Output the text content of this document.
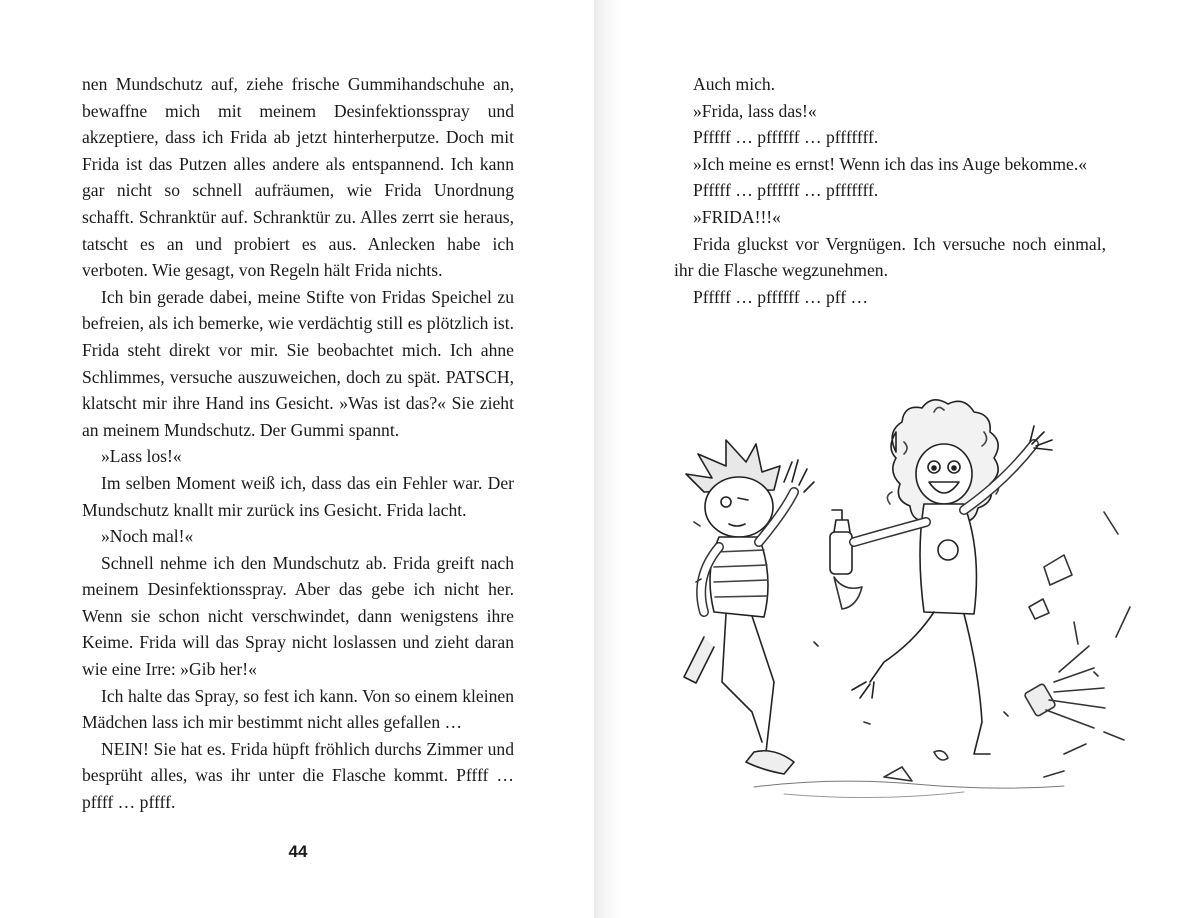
nen Mundschutz auf, ziehe frische Gummihandschuhe an, bewaffne mich mit meinem Desinfektionsspray und akzeptiere, dass ich Frida ab jetzt hinterherputze. Doch mit Frida ist das Putzen alles andere als entspannend. Ich kann gar nicht so schnell aufräumen, wie Frida Unordnung schafft. Schranktür auf. Schranktür zu. Alles zerrt sie heraus, tatscht es an und probiert es aus. Anlecken habe ich verboten. Wie gesagt, von Regeln hält Frida nichts.

Ich bin gerade dabei, meine Stifte von Fridas Speichel zu befreien, als ich bemerke, wie verdächtig still es plötzlich ist. Frida steht direkt vor mir. Sie beobachtet mich. Ich ahne Schlimmes, versuche auszuweichen, doch zu spät. PATSCH, klatscht mir ihre Hand ins Gesicht. »Was ist das?« Sie zieht an meinem Mundschutz. Der Gummi spannt.

»Lass los!«

Im selben Moment weiß ich, dass das ein Fehler war. Der Mundschutz knallt mir zurück ins Gesicht. Frida lacht.

»Noch mal!«

Schnell nehme ich den Mundschutz ab. Frida greift nach meinem Desinfektionsspray. Aber das gebe ich nicht her. Wenn sie schon nicht verschwindet, dann wenigstens ihre Keime. Frida will das Spray nicht loslassen und zieht daran wie eine Irre: »Gib her!«

Ich halte das Spray, so fest ich kann. Von so einem kleinen Mädchen lass ich mir bestimmt nicht alles gefallen …

NEIN! Sie hat es. Frida hüpft fröhlich durchs Zimmer und besprüht alles, was ihr unter die Flasche kommt. Pffff … pffff … pffff.

44

Auch mich.

»Frida, lass das!«

Pfffff … pffffff … pfffffff.

»Ich meine es ernst! Wenn ich das ins Auge bekomme.«

Pfffff … pffffff … pfffffff.

»FRIDA!!!«

Frida gluckst vor Vergnügen. Ich versuche noch einmal, ihr die Flasche wegzunehmen.

Pfffff … pffffff … pff …
